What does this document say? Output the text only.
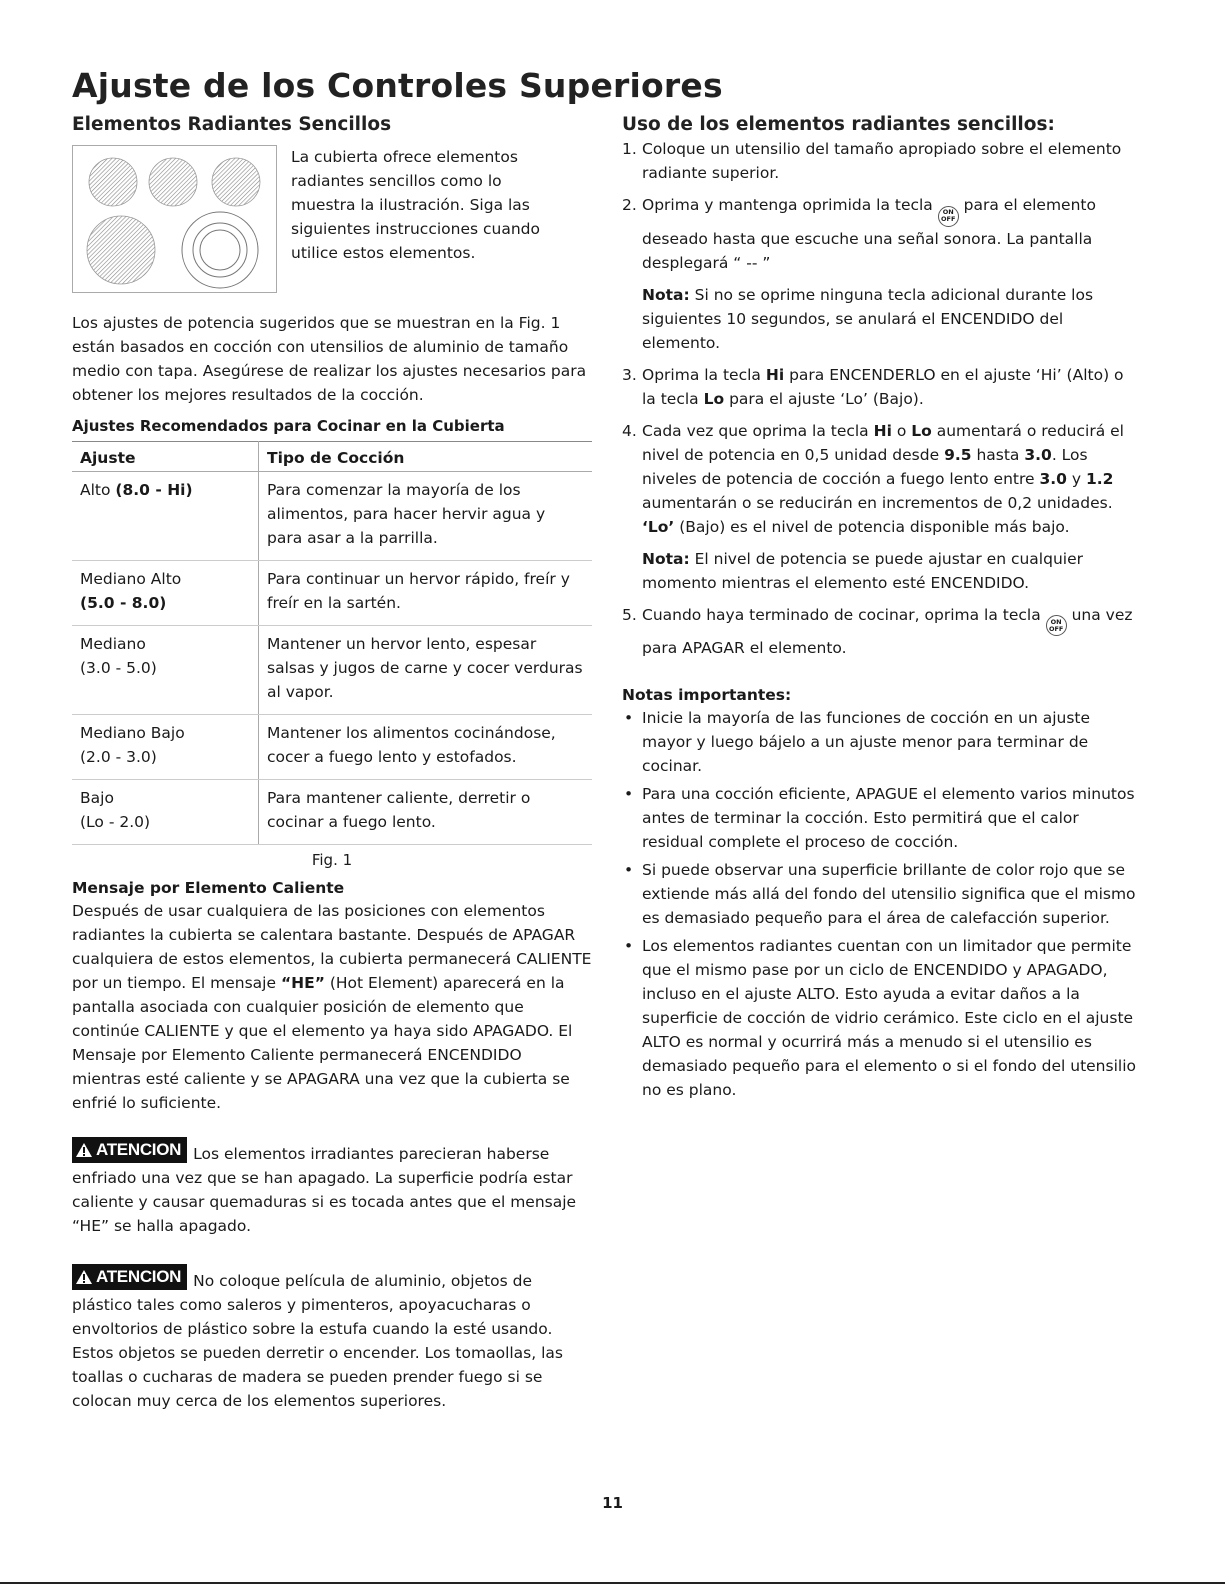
Ajuste de los Controles Superiores
Elementos Radiantes Sencillos

La cubierta ofrece elementos radiantes sencillos como lo muestra la ilustración. Siga las siguientes instrucciones cuando utilice estos elementos.

Los ajustes de potencia sugeridos que se muestran en la Fig. 1 están basados en cocción con utensilios de aluminio de tamaño medio con tapa. Asegúrese de realizar los ajustes necesarios para obtener los mejores resultados de la cocción.

Ajustes Recomendados para Cocinar en la Cubierta
Ajuste	Tipo de Cocción
Alto (8.0 - Hi)	Para comenzar la mayoría de los alimentos, para hacer hervir agua y para asar a la parrilla.
Mediano Alto
(5.0 - 8.0)	Para continuar un hervor rápido, freír y freír en la sartén.
Mediano
(3.0 - 5.0)	Mantener un hervor lento, espesar salsas y jugos de carne y cocer verduras al vapor.
Mediano Bajo
(2.0 - 3.0)	Mantener los alimentos cocinándose, cocer a fuego lento y estofados.
Bajo
(Lo - 2.0)	Para mantener caliente, derretir o cocinar a fuego lento.
Fig. 1
Mensaje por Elemento Caliente

Después de usar cualquiera de las posiciones con elementos radiantes la cubierta se calentara bastante. Después de APAGAR cualquiera de estos elementos, la cubierta permanecerá CALIENTE por un tiempo. El mensaje “HE” (Hot Element) aparecerá en la pantalla asociada con cualquier posición de elemento que continúe CALIENTE y que el elemento ya haya sido APAGADO. El Mensaje por Elemento Caliente permanecerá ENCENDIDO mientras esté caliente y se APAGARA una vez que la cubierta se enfrié lo suficiente.

ATENCION Los elementos irradiantes parecieran haberse enfriado una vez que se han apagado. La superficie podría estar caliente y causar quemaduras si es tocada antes que el mensaje “HE” se halla apagado.

ATENCION No coloque película de aluminio, objetos de plástico tales como saleros y pimenteros, apoyacucharas o envoltorios de plástico sobre la estufa cuando la esté usando. Estos objetos se pueden derretir o encender. Los tomaollas, las toallas o cucharas de madera se pueden prender fuego si se colocan muy cerca de los elementos superiores.

Uso de los elementos radiantes sencillos:
1. Coloque un utensilio del tamaño apropiado sobre el elemento radiante superior.
2. Oprima y mantenga oprimida la tecla ON
OFF
para el elemento deseado hasta que escuche una señal sonora. La pantalla desplegará “ -- ”

Nota: Si no se oprime ninguna tecla adicional durante los siguientes 10 segundos, se anulará el ENCENDIDO del elemento.

3. Oprima la tecla Hi para ENCENDERLO en el ajuste ‘Hi’ (Alto) o la tecla Lo para el ajuste ‘Lo’ (Bajo).
4. Cada vez que oprima la tecla Hi o Lo aumentará o reducirá el nivel de potencia en 0,5 unidad desde 9.5 hasta 3.0. Los niveles de potencia de cocción a fuego lento entre 3.0 y 1.2 aumentarán o se reducirán en incrementos de 0,2 unidades. ‘Lo’ (Bajo) es el nivel de potencia disponible más bajo.

Nota: El nivel de potencia se puede ajustar en cualquier momento mientras el elemento esté ENCENDIDO.

5. Cuando haya terminado de cocinar, oprima la tecla ON
OFF
una vez para APAGAR el elemento.
Notas importantes:
• Inicie la mayoría de las funciones de cocción en un ajuste mayor y luego bájelo a un ajuste menor para terminar de cocinar.
• Para una cocción eficiente, APAGUE el elemento varios minutos antes de terminar la cocción. Esto permitirá que el calor residual complete el proceso de cocción.
• Si puede observar una superficie brillante de color rojo que se extiende más allá del fondo del utensilio significa que el mismo es demasiado pequeño para el área de calefacción superior.
• Los elementos radiantes cuentan con un limitador que permite que el mismo pase por un ciclo de ENCENDIDO y APAGADO, incluso en el ajuste ALTO. Esto ayuda a evitar daños a la superficie de cocción de vidrio cerámico. Este ciclo en el ajuste ALTO es normal y ocurrirá más a menudo si el utensilio es demasiado pequeño para el elemento o si el fondo del utensilio no es plano.
11
